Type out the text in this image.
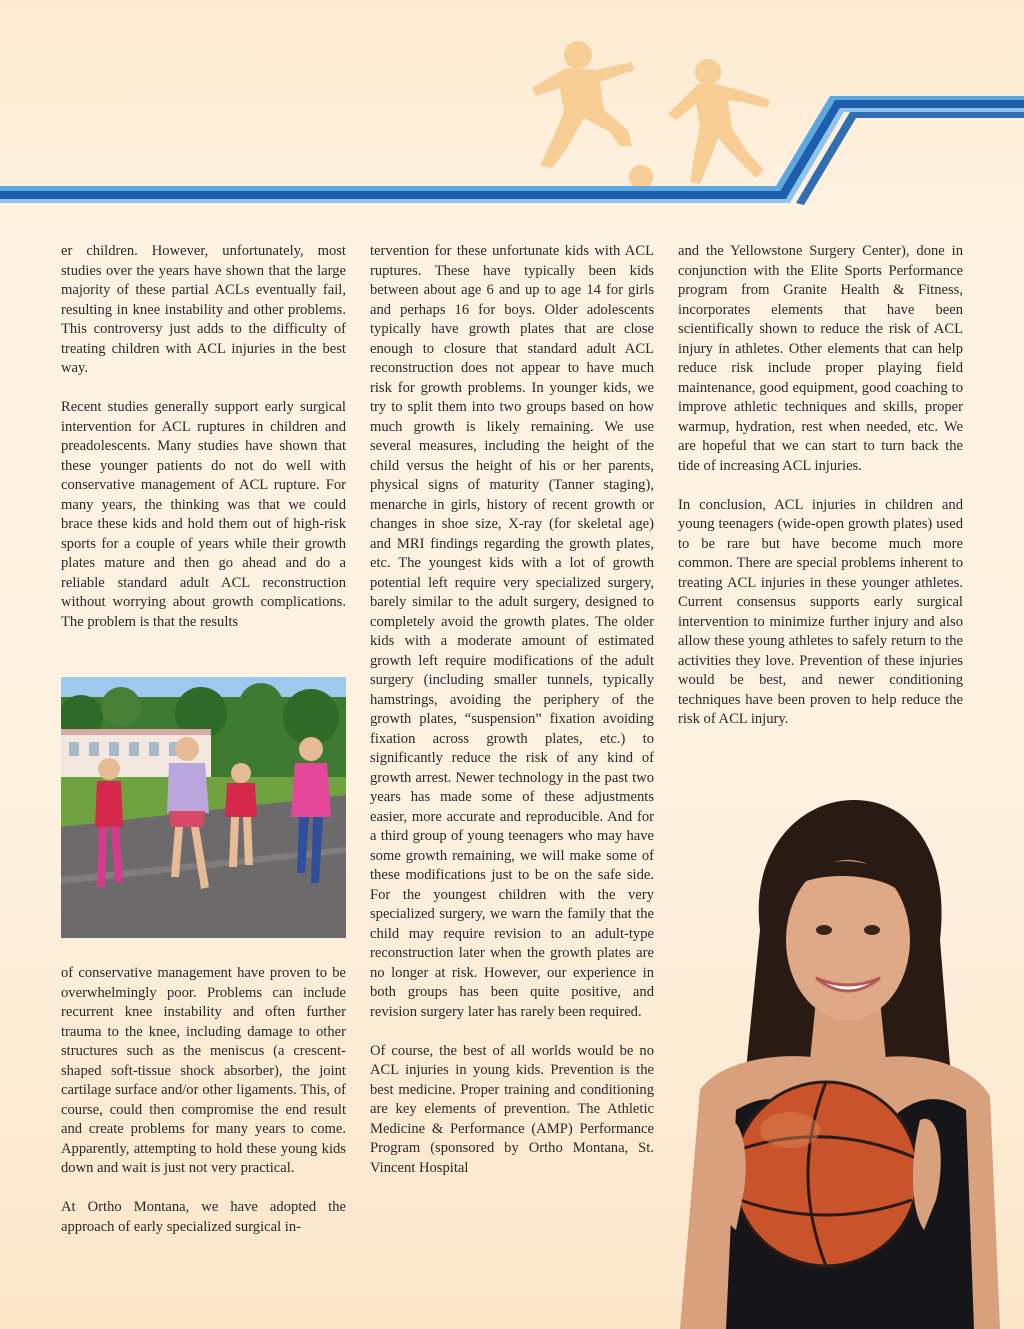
er children. However, unfortunately, most studies over the years have shown that the large majority of these partial ACLs eventually fail, resulting in knee instability and other problems. This controversy just adds to the difficulty of treating children with ACL injuries in the best way.

Recent studies generally support early surgical intervention for ACL ruptures in children and preadolescents. Many studies have shown that these younger patients do not do well with conservative management of ACL rupture. For many years, the thinking was that we could brace these kids and hold them out of high-risk sports for a couple of years while their growth plates mature and then go ahead and do a reliable standard adult ACL reconstruction without worrying about growth complications. The problem is that the results

of conservative management have proven to be overwhelmingly poor. Problems can include recurrent knee instability and often further trauma to the knee, including damage to other structures such as the meniscus (a crescent-shaped soft-tissue shock absorber), the joint cartilage surface and/or other ligaments. This, of course, could then compromise the end result and create problems for many years to come. Apparently, attempting to hold these young kids down and wait is just not very practical.

At Ortho Montana, we have adopted the approach of early specialized surgical in-

tervention for these unfortunate kids with ACL ruptures. These have typically been kids between about age 6 and up to age 14 for girls and perhaps 16 for boys. Older adolescents typically have growth plates that are close enough to closure that standard adult ACL reconstruction does not appear to have much risk for growth problems. In younger kids, we try to split them into two groups based on how much growth is likely remaining. We use several measures, including the height of the child versus the height of his or her parents, physical signs of maturity (Tanner staging), menarche in girls, history of recent growth or changes in shoe size, X-ray (for skeletal age) and MRI findings regarding the growth plates, etc. The youngest kids with a lot of growth potential left require very specialized surgery, barely similar to the adult surgery, designed to completely avoid the growth plates. The older kids with a moderate amount of estimated growth left require modifications of the adult surgery (including smaller tunnels, typically hamstrings, avoiding the periphery of the growth plates, “suspension” fixation avoiding fixation across growth plates, etc.) to significantly reduce the risk of any kind of growth arrest. Newer technology in the past two years has made some of these adjustments easier, more accurate and reproducible. And for a third group of young teenagers who may have some growth remaining, we will make some of these modifications just to be on the safe side. For the youngest children with the very specialized surgery, we warn the family that the child may require revision to an adult-type reconstruction later when the growth plates are no longer at risk. However, our experience in both groups has been quite positive, and revision surgery later has rarely been required.

Of course, the best of all worlds would be no ACL injuries in young kids. Prevention is the best medicine. Proper training and conditioning are key elements of prevention. The Athletic Medicine & Performance (AMP) Performance Program (sponsored by Ortho Montana, St. Vincent Hospital

and the Yellowstone Surgery Center), done in conjunction with the Elite Sports Performance program from Granite Health & Fitness, incorporates elements that have been scientifically shown to reduce the risk of ACL injury in athletes. Other elements that can help reduce risk include proper playing field maintenance, good equipment, good coaching to improve athletic techniques and skills, proper warmup, hydration, rest when needed, etc. We are hopeful that we can start to turn back the tide of increasing ACL injuries.

In conclusion, ACL injuries in children and young teenagers (wide-open growth plates) used to be rare but have become much more common. There are special problems inherent to treating ACL injuries in these younger athletes. Current consensus supports early surgical intervention to minimize further injury and also allow these young athletes to safely return to the activities they love. Prevention of these injuries would be best, and newer conditioning techniques have been proven to help reduce the risk of ACL injury.
